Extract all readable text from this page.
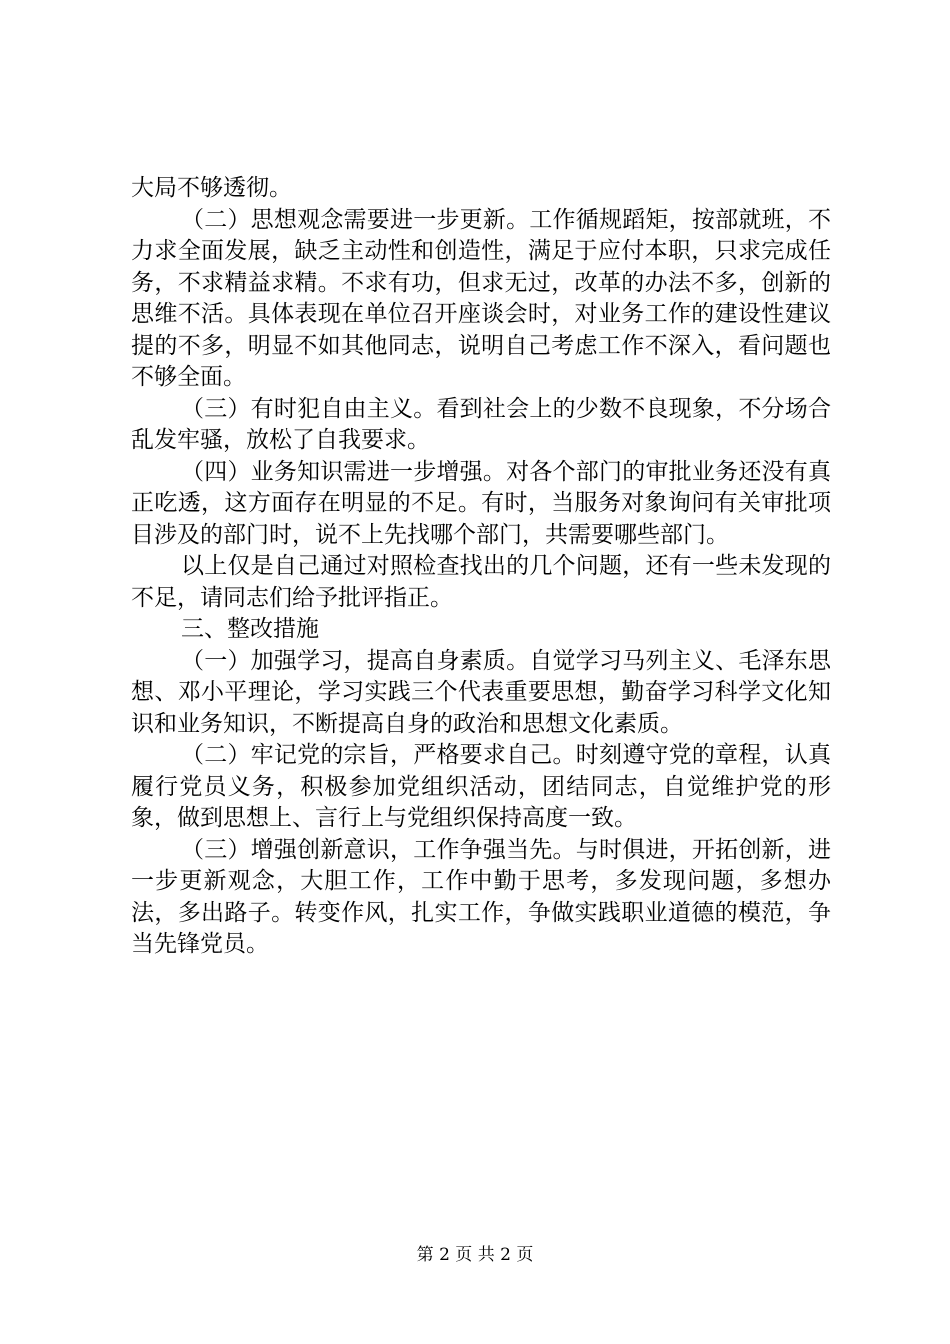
大局不够透彻。

（二）思想观念需要进一步更新。工作循规蹈矩，按部就班，不力求全面发展，缺乏主动性和创造性，满足于应付本职，只求完成任务，不求精益求精。不求有功，但求无过，改革的办法不多，创新的思维不活。具体表现在单位召开座谈会时，对业务工作的建设性建议提的不多，明显不如其他同志，说明自己考虑工作不深入，看问题也不够全面。

（三）有时犯自由主义。看到社会上的少数不良现象，不分场合乱发牢骚，放松了自我要求。

（四）业务知识需进一步增强。对各个部门的审批业务还没有真正吃透，这方面存在明显的不足。有时，当服务对象询问有关审批项目涉及的部门时，说不上先找哪个部门，共需要哪些部门。

以上仅是自己通过对照检查找出的几个问题，还有一些未发现的不足，请同志们给予批评指正。

三、整改措施

（一）加强学习，提高自身素质。自觉学习马列主义、毛泽东思想、邓小平理论，学习实践三个代表重要思想，勤奋学习科学文化知识和业务知识，不断提高自身的政治和思想文化素质。

（二）牢记党的宗旨，严格要求自己。时刻遵守党的章程，认真履行党员义务，积极参加党组织活动，团结同志，自觉维护党的形象，做到思想上、言行上与党组织保持高度一致。

（三）增强创新意识，工作争强当先。与时俱进，开拓创新，进一步更新观念，大胆工作，工作中勤于思考，多发现问题，多想办法，多出路子。转变作风，扎实工作，争做实践职业道德的模范，争当先锋党员。

第 2 页 共 2 页
